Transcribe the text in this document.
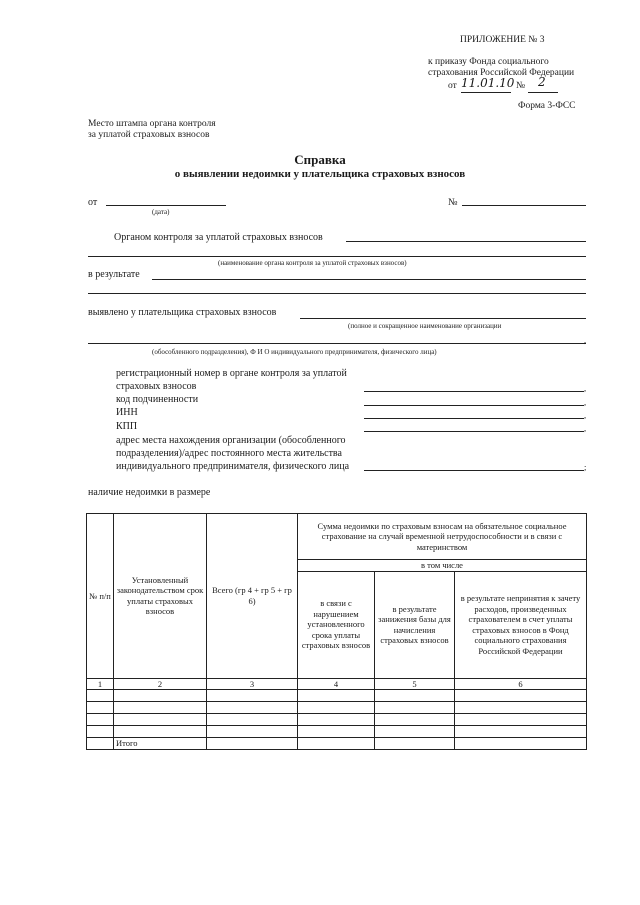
ПРИЛОЖЕНИЕ № 3
к приказу Фонда социального
страхования Российской Федерации
от 11.01.10 № 2
Форма 3-ФСС
Место штампа органа контроля
за уплатой страховых взносов
Справка
о выявлении недоимки у плательщика страховых взносов
от
(дата)
№
Органом контроля за уплатой страховых взносов
(наименование органа контроля за уплатой страховых взносов)
в результате
выявлено у плательщика страховых взносов
(полное и сокращенное наименование организации
,
(обособленного подразделения), Ф И О индивидуального предпринимателя, физического лица)
регистрационный номер в органе контроля за уплатой
страховых взносов	,
код подчиненности	,
ИНН	,
КПП	,
адрес места нахождения организации (обособленного
подразделения)/адрес постоянного места жительства
индивидуального предпринимателя, физического лица	;
наличие недоимки в размере
№ п/п	Установленный законодательством срок уплаты страховых взносов	Всего (гр 4 + гр 5 + гр 6)	Сумма недоимки по страховым взносам на обязательное социальное страхование на случай временной нетрудоспособности и в связи с материнством		
			в том числе		
			в связи с нарушением установленного срока уплаты страховых взносов	в результате занижения базы для начисления страховых взносов	в результате непринятия к зачету расходов, произведенных страхователем в счет уплаты страховых взносов в Фонд социального страхования Российской Федерации
1	2	3	4	5	6

	Итого				
